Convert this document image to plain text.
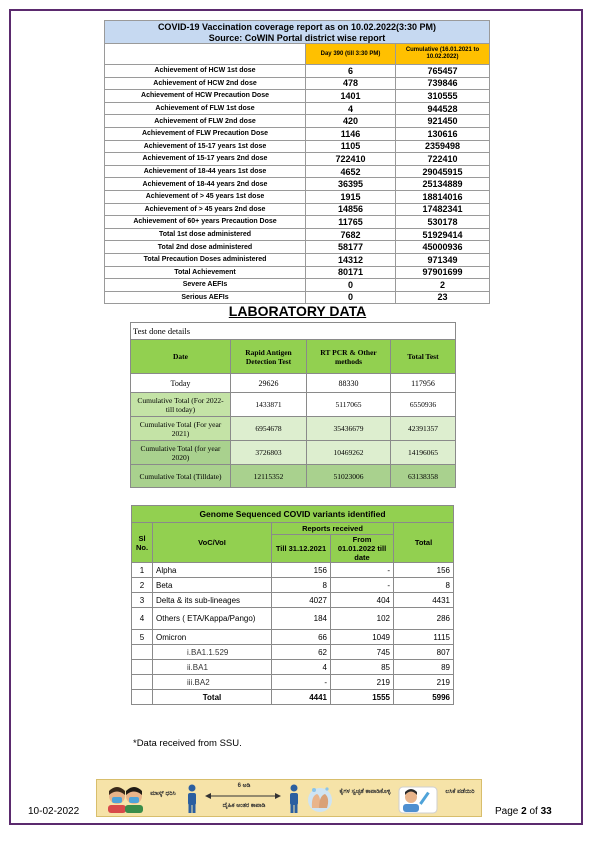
COVID-19 Vaccination coverage report as on 10.02.2022(3:30 PM)		
Source: CoWIN Portal district wise report		
	Day 390 (till 3:30 PM)	Cumulative (16.01.2021 to 10.02.2022)
Achievement of HCW 1st dose	6	765457
Achievement of HCW 2nd dose	478	739846
Achievement of HCW Precaution Dose	1401	310555
Achievement of FLW 1st dose	4	944528
Achievement of FLW 2nd dose	420	921450
Achievement of FLW Precaution Dose	1146	130616
Achievement of 15-17 years 1st dose	1105	2359498
Achievement of 15-17 years 2nd dose	722410	722410
Achievement of 18-44 years 1st dose	4652	29045915
Achievement of 18-44 years 2nd dose	36395	25134889
Achievement of > 45 years 1st dose	1915	18814016
Achievement of > 45 years 2nd dose	14856	17482341
Achievement of 60+ years Precaution Dose	11765	530178
Total 1st dose administered	7682	51929414
Total 2nd dose administered	58177	45000936
Total Precaution Doses administered	14312	971349
Total Achievement	80171	97901699
Severe AEFIs	0	2
Serious AEFIs	0	23
LABORATORY DATA
Test done details			
Date	Rapid Antigen Detection Test	RT PCR & Other methods	Total Test
Today	29626	88330	117956
Cumulative Total (For 2022- till today)	1433871	5117065	6550936
Cumulative Total (For year 2021)	6954678	35436679	42391357
Cumulative Total (for year 2020)	3726803	10469262	14196065
Cumulative Total (Tilldate)	12115352	51023006	63138358
Genome Sequenced COVID variants identified				
Sl No.	VoC/VoI	Reports received		Total
		Till 31.12.2021	From 01.01.2022 till date	
1	Alpha	156	-	156
2	Beta	8	-	8
3	Delta & its sub-lineages	4027	404	4431
4	Others ( ETA/Kappa/Pango)	184	102	286
5	Omicron	66	1049	1115
	i.BA1.1.529	62	745	807
	ii.BA1	4	85	89
	iii.BA2	-	219	219
	Total	4441	1555	5996
*Data received from SSU.
ಮಾಸ್ಕ್ ಧರಿಸಿ
6 ಅಡಿ
ದೈಹಿಕ ಅಂತರ ಕಾಪಾಡಿ
ಕೈಗಳ ಸ್ವಚ್ಛತೆ ಕಾಪಾಡಿಕೊಳ್ಳಿ	ಲಸಿಕೆ ಪಡೆಯಿರಿ
10-02-2022	Page 2 of 33
